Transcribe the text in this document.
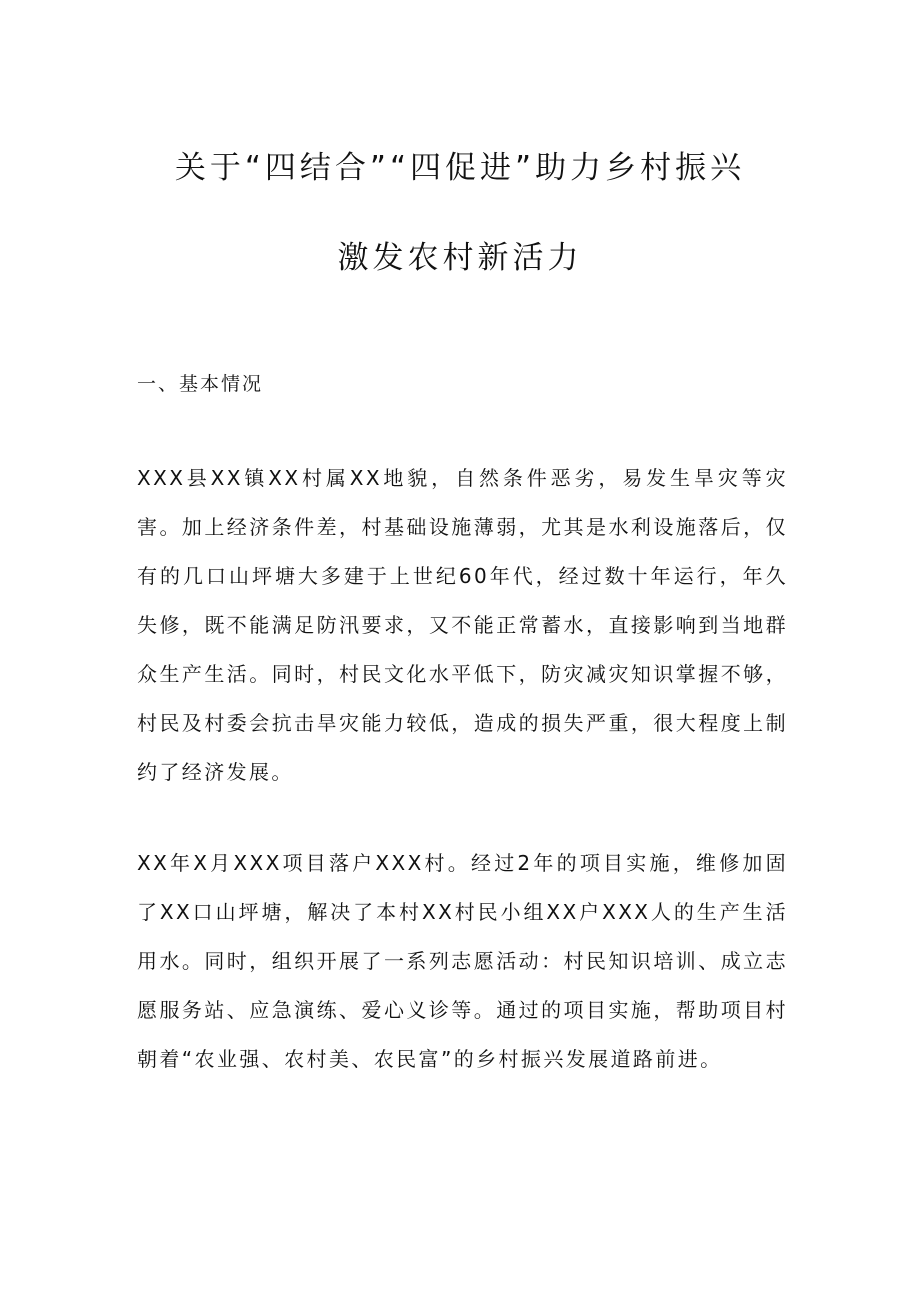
关于“四结合”“四促进”助力乡村振兴
激发农村新活力
一、基本情况

XXX县XX镇XX村属XX地貌，自然条件恶劣，易发生旱灾等灾害。加上经济条件差，村基础设施薄弱，尤其是水利设施落后，仅有的几口山坪塘大多建于上世纪60年代，经过数十年运行，年久失修，既不能满足防汛要求，又不能正常蓄水，直接影响到当地群众生产生活。同时，村民文化水平低下，防灾减灾知识掌握不够，村民及村委会抗击旱灾能力较低，造成的损失严重，很大程度上制约了经济发展。

XX年X月XXX项目落户XXX村。经过2年的项目实施，维修加固了XX口山坪塘，解决了本村XX村民小组XX户XXX人的生产生活用水。同时，组织开展了一系列志愿活动：村民知识培训、成立志愿服务站、应急演练、爱心义诊等。通过的项目实施，帮助项目村朝着“农业强、农村美、农民富”的乡村振兴发展道路前进。
